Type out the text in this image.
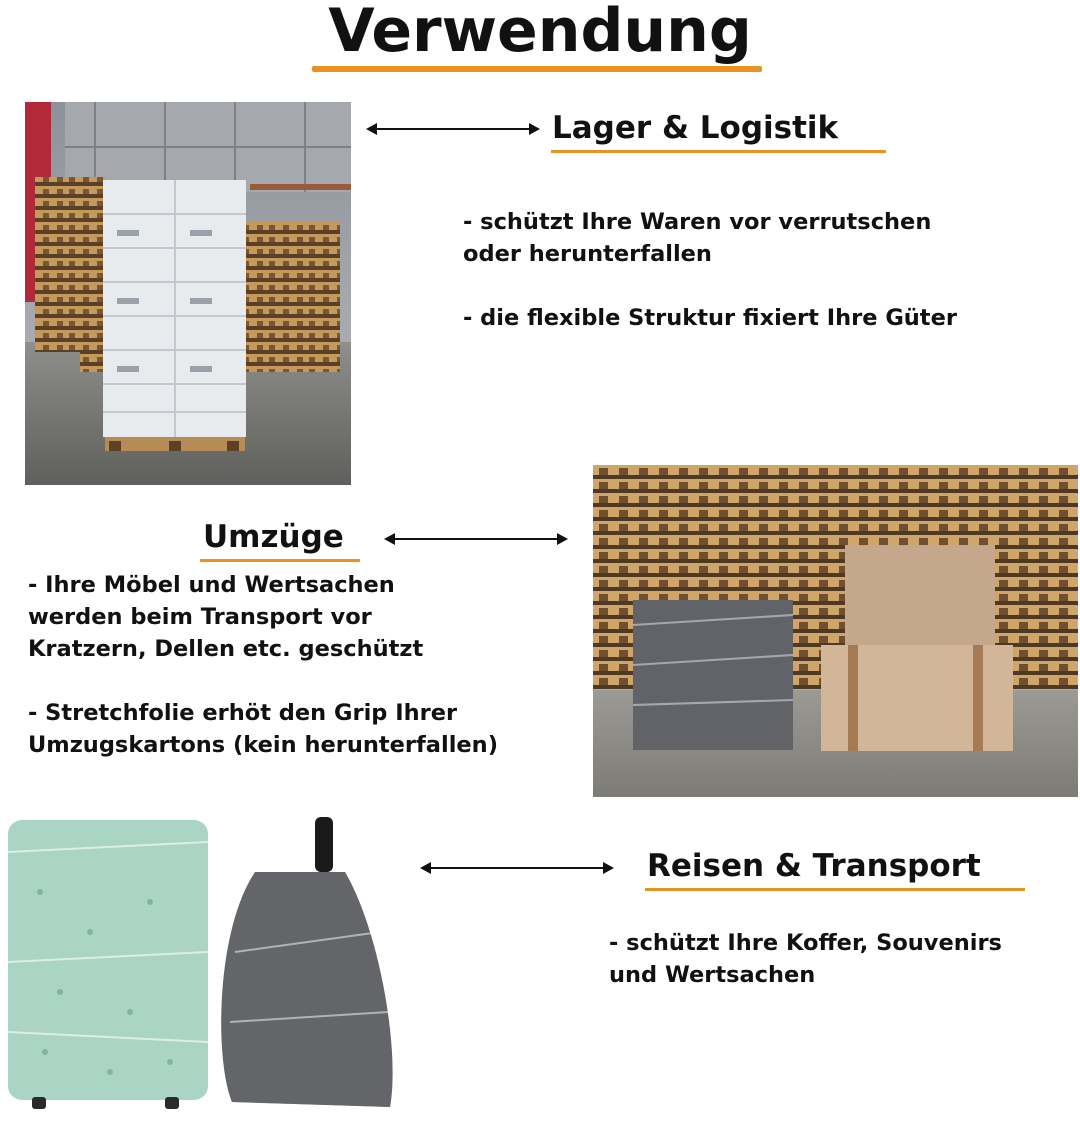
Verwendung
Lager & Logistik
- schützt Ihre Waren vor verrutschen
oder herunterfallen
- die flexible Struktur fixiert Ihre Güter
Umzüge
- Ihre Möbel und Wertsachen
werden beim Transport vor
Kratzern, Dellen etc. geschützt
- Stretchfolie erhöt den Grip Ihrer
Umzugskartons (kein herunterfallen)
Reisen & Transport
- schützt Ihre Koffer, Souvenirs
und Wertsachen
